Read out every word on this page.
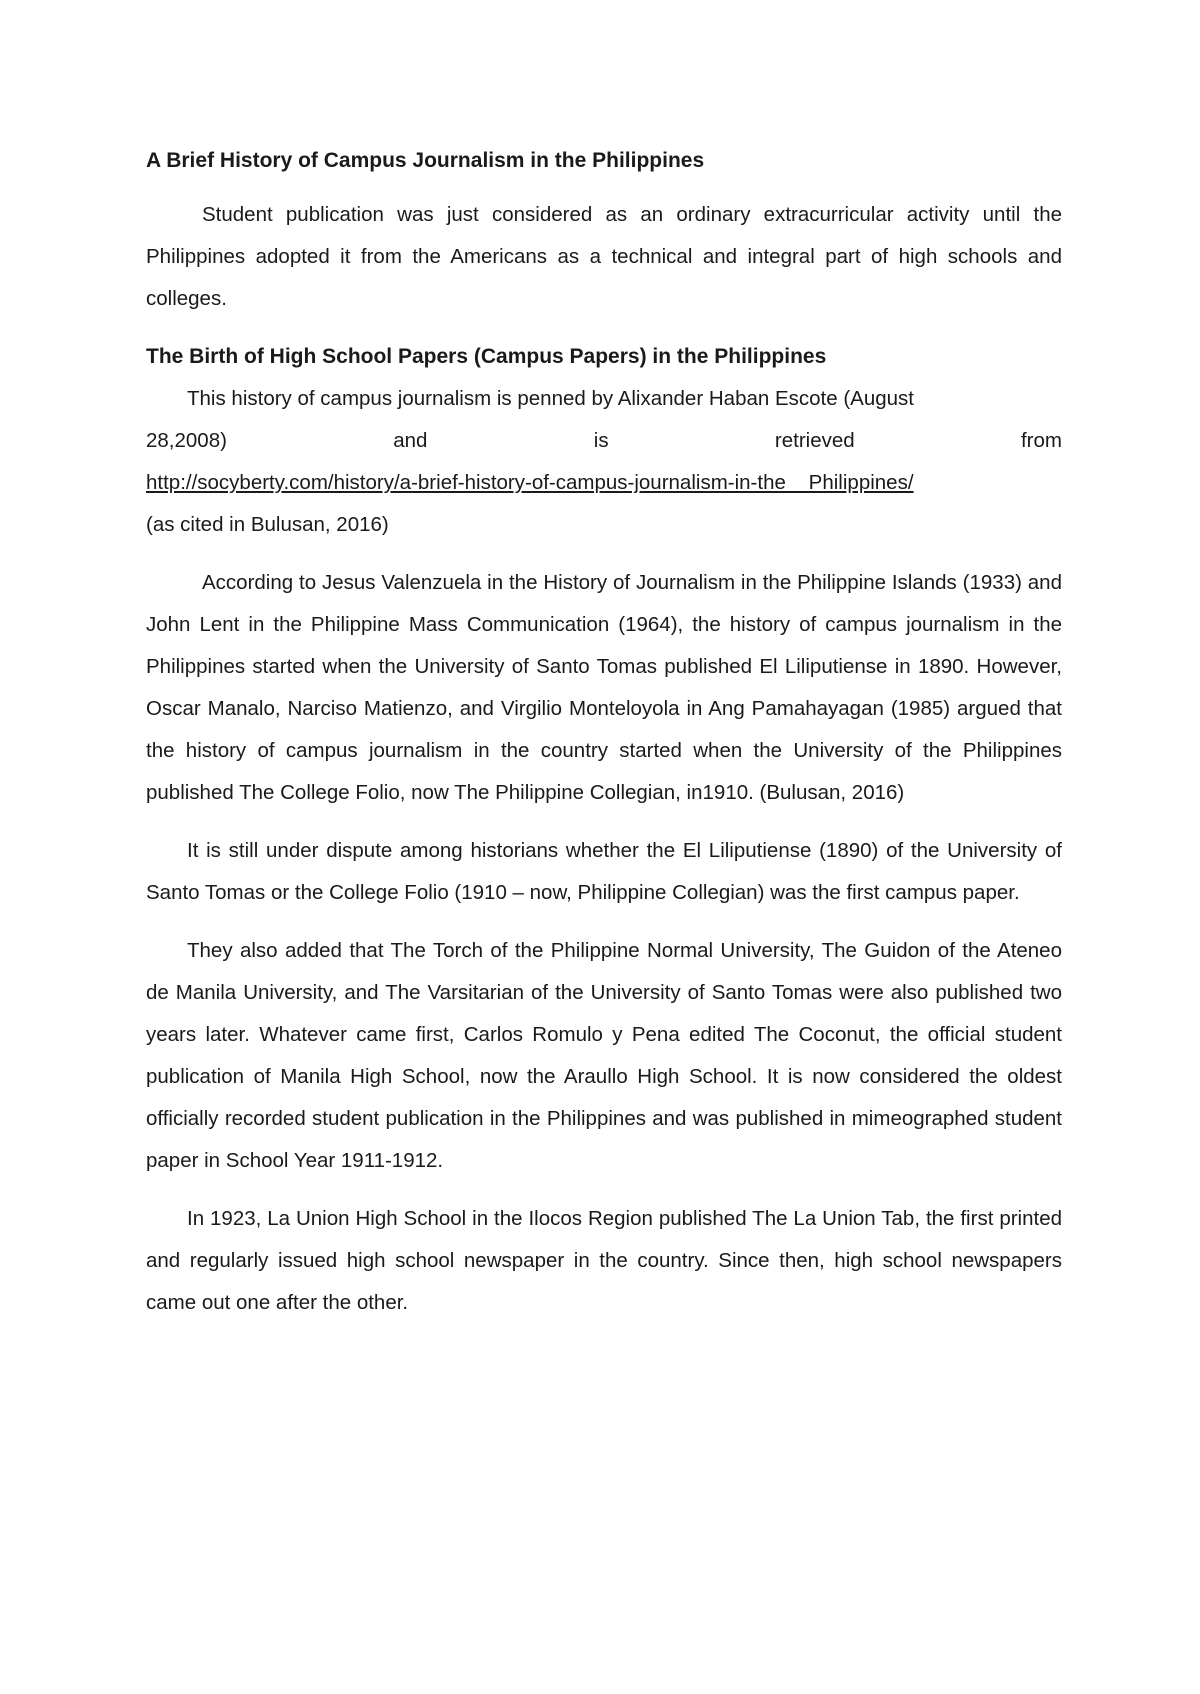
A Brief History of Campus Journalism in the Philippines

Student publication was just considered as an ordinary extracurricular activity until the Philippines adopted it from the Americans as a technical and integral part of high schools and colleges.

The Birth of High School Papers (Campus Papers) in the Philippines

This history of campus journalism is penned by Alixander Haban Escote (August

28,2008)	and	is	retrieved	from

http://socyberty.com/history/a-brief-history-of-campus-journalism-in-the__Philippines/

(as cited in Bulusan, 2016)

According to Jesus Valenzuela in the History of Journalism in the Philippine Islands (1933) and John Lent in the Philippine Mass Communication (1964), the history of campus journalism in the Philippines started when the University of Santo Tomas published El Liliputiense in 1890. However, Oscar Manalo, Narciso Matienzo, and Virgilio Monteloyola in Ang Pamahayagan (1985) argued that the history of campus journalism in the country started when the University of the Philippines published The College Folio, now The Philippine Collegian, in1910. (Bulusan, 2016)

It is still under dispute among historians whether the El Liliputiense (1890) of the University of Santo Tomas or the College Folio (1910 – now, Philippine Collegian) was the first campus paper.

They also added that The Torch of the Philippine Normal University, The Guidon of the Ateneo de Manila University, and The Varsitarian of the University of Santo Tomas were also published two years later. Whatever came first, Carlos Romulo y Pena edited The Coconut, the official student publication of Manila High School, now the Araullo High School. It is now considered the oldest officially recorded student publication in the Philippines and was published in mimeographed student paper in School Year 1911-1912.

In 1923, La Union High School in the Ilocos Region published The La Union Tab, the first printed and regularly issued high school newspaper in the country. Since then, high school newspapers came out one after the other.
